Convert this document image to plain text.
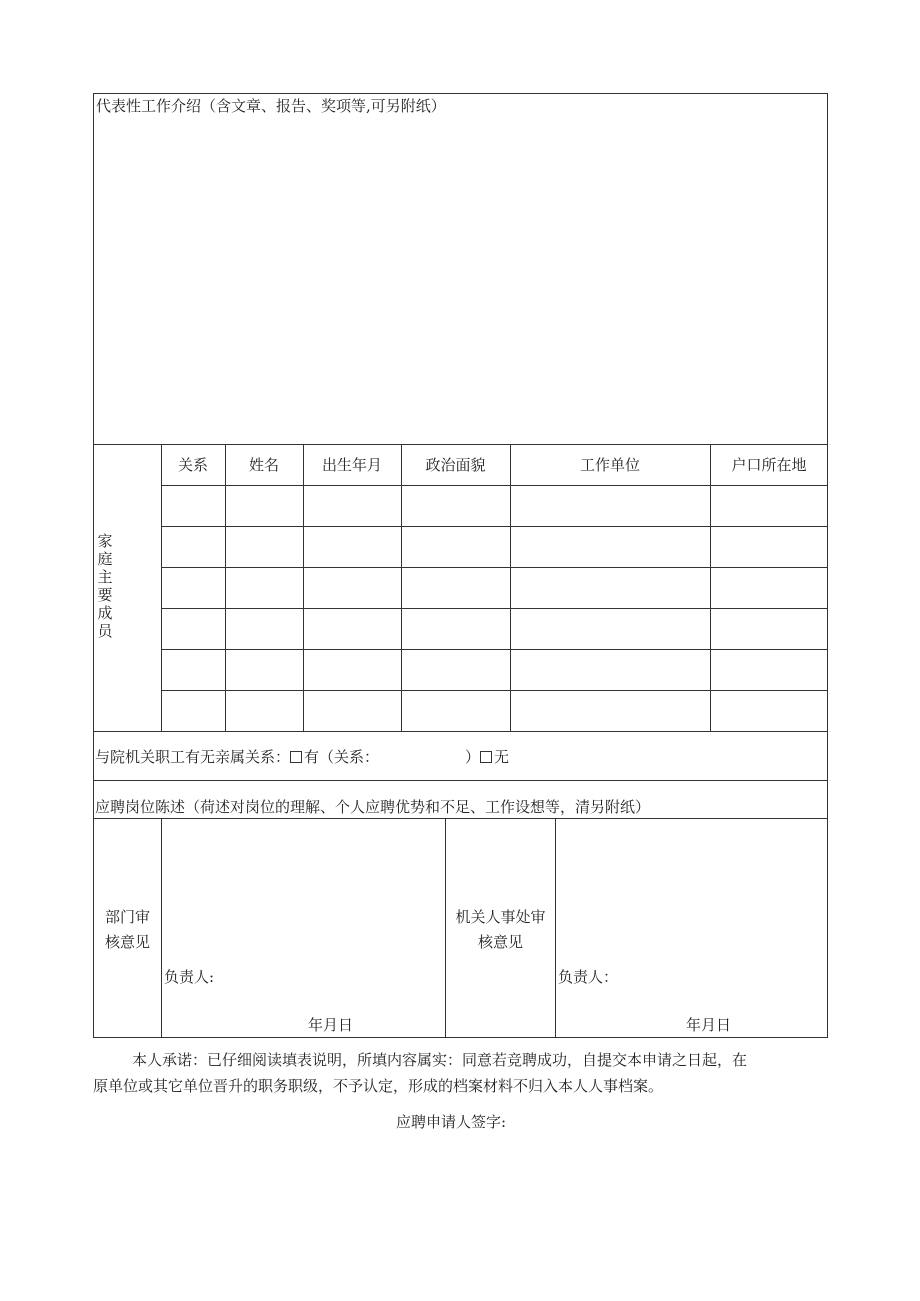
代表性工作介绍（含文章、报告、奖项等,可另附纸）
家庭主要成员
关系	姓名	出生年月	政治面貌	工作单位	户口所在地
与院机关职工有无亲属关系： 有（关系：	） 无
应聘岗位陈述（荷述对岗位的理解、个人应聘优势和不足、工作设想等，清另附纸）
部门审
核意见
负责人:
年月日
机关人事处审
核意见
负责人：
年月日
本人承诺：已仔细阅读填表说明，所填内容属实：同意若竞聘成功，自提交本申请之日起，在
原单位或其它单位晋升的职务职级，不予认定，形成的档案材料不归入本人人事档案。
应聘申请人签字:
